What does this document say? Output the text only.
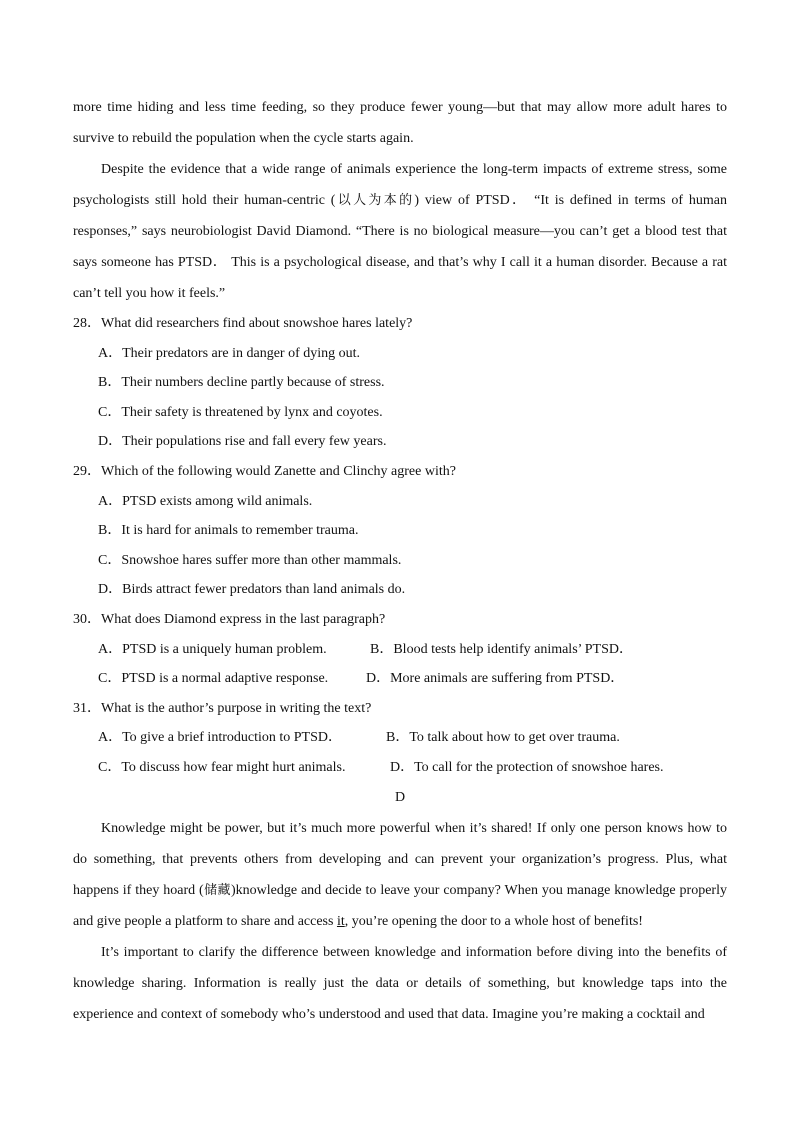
more time hiding and less time feeding, so they produce fewer young—but that may allow more adult hares to survive to rebuild the population when the cycle starts again.

Despite the evidence that a wide range of animals experience the long-term impacts of extreme stress, some psychologists still hold their human-centric (以人为本的) view of PTSD． “It is defined in terms of human responses,” says neurobiologist David Diamond. “There is no biological measure—you can’t get a blood test that says someone has PTSD． This is a psychological disease, and that’s why I call it a human disorder. Because a rat can’t tell you how it feels.”

28．What did researchers find about snowshoe hares lately?

A．Their predators are in danger of dying out.

B．Their numbers decline partly because of stress.

C．Their safety is threatened by lynx and coyotes.

D．Their populations rise and fall every few years.

29．Which of the following would Zanette and Clinchy agree with?

A．PTSD exists among wild animals.

B．It is hard for animals to remember trauma.

C．Snowshoe hares suffer more than other mammals.

D．Birds attract fewer predators than land animals do.

30．What does Diamond express in the last paragraph?

A．PTSD is a uniquely human problem.	B．Blood tests help identify animals’ PTSD．
C．PTSD is a normal adaptive response.	D．More animals are suffering from PTSD．

31．What is the author’s purpose in writing the text?

A．To give a brief introduction to PTSD．	B．To talk about how to get over trauma.
C．To discuss how fear might hurt animals.	D．To call for the protection of snowshoe hares.

D

Knowledge might be power, but it’s much more powerful when it’s shared! If only one person knows how to do something, that prevents others from developing and can prevent your organization’s progress. Plus, what happens if they hoard (储藏)knowledge and decide to leave your company? When you manage knowledge properly and give people a platform to share and access it, you’re opening the door to a whole host of benefits!

It’s important to clarify the difference between knowledge and information before diving into the benefits of knowledge sharing. Information is really just the data or details of something, but knowledge taps into the experience and context of somebody who’s understood and used that data. Imagine you’re making a cocktail and
